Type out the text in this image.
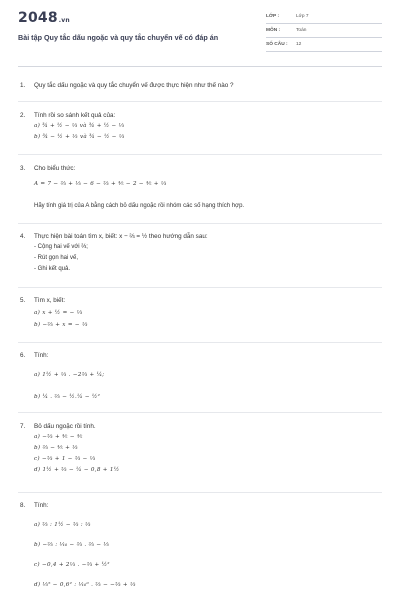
2048.vn
Bài tập Quy tắc dấu ngoặc và quy tắc chuyển vế có đáp án
LỚP :	Lớp 7
MÔN :	Toán
SỐ CÂU :	12
1.	Quy tắc dấu ngoặc và quy tắc chuyển vế được thực hiện như thế nào ?
2.	Tính rồi so sánh kết quả của:
a) ¾ + ½ − ⅓ và ¾ + ½ − ⅓
b) ¾ − ½ + ⅓ và ¾ − ½ − ⅓
3.	Cho biểu thức:
A = 7 − ⅔ + ⅓ − 6 − ⅔ + ⅘ − 2 − ⅘ + ⅓
Hãy tính giá trị của A bằng cách bỏ dấu ngoặc rồi nhóm các số hạng thích hợp.
4.	Thực hiện bài toán tìm x, biết: x − ⅔ = ½ theo hướng dẫn sau:
- Cộng hai vế với ⅔;
- Rút gọn hai vế,
- Ghi kết quả.
5.	Tìm x, biết:
a) x + ½ = − ⅓
b) −⅔ + x = − ⅓
6.	Tính:
a) 1½ + ⅓ . −2⅔ + ¼;
b) ¼ . ⅔ − ½.¼ − ½²
7.	Bỏ dấu ngoặc rồi tính.
a) −⅔ + ⅘ − ⅘
b) ⅔ − ⅘ + ⅓
c) −⅔ + 1 − ⅔ − ⅓
d) 1½ + ⅔ − ¼ − 0,8 + 1½
8.	Tính:
a) ⅔ : 1½ − ⅔ : ⅓
b) −⅔ : ⅒ − ⅔ . ⅔ − ⅓
c) −0,4 + 2⅓ . −⅔ + ½²
d) ⅓⁵ − 0,6² : ⅒⁰ . ⅔ − −⅔ + ⅓
